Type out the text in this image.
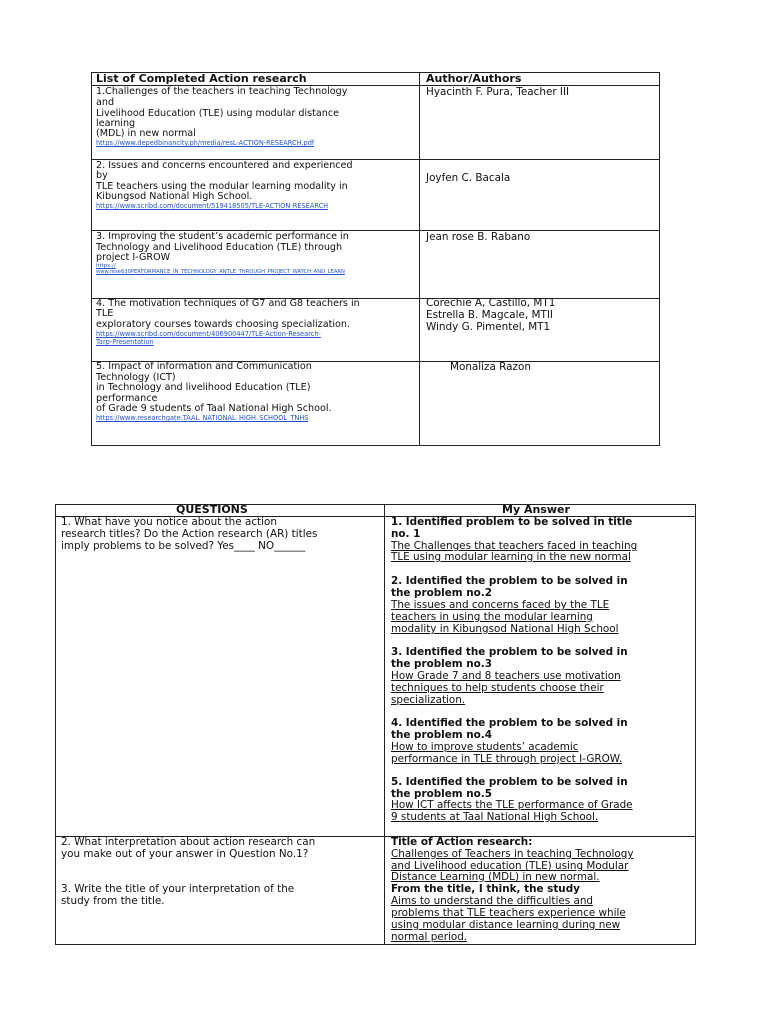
List of Completed Action research	Author/Authors
1.Challenges of the teachers in teaching Technology
and
Livelihood Education (TLE) using modular distance
learning
(MDL) in new normal
https://www.depedbinancity.ph/media/resL-ACTION-RESEARCH.pdf
Hyacinth F. Pura, Teacher III
2. Issues and concerns encountered and experienced
by
TLE teachers using the modular learning modality in
Kibungsod National High School.
https://www.scribd.com/document/519418505/TLE-ACTION-RESEARCH
Joyfen C. Bacala
3. Improving the student’s academic performance in
Technology and Livelihood Education (TLE) through
project I-GROW
https://
www.rese630PERFORMANCE_IN_TECHNOLOGY_ANTLE_THROUGH_PROJECT_WATCH_AND_LEARN
Jean rose B. Rabano
4. The motivation techniques of G7 and G8 teachers in
TLE
exploratory courses towards choosing specialization.
https://www.scribd.com/document/406900447/TLE-Action-Research-
Tarp-Presentation
Corechie A, Castillo, MT1
Estrella B. Magcale, MTII
Windy G. Pimentel, MT1
5. Impact of information and Communication
Technology (ICT)
in Technology and livelihood Education (TLE)
performance
of Grade 9 students of Taal National High School.
https://www.researchgate.TAAL_NATIONAL_HIGH_SCHOOL_TNHS
Monaliza Razon
QUESTIONS	My Answer
1. What have you notice about the action
research titles? Do the Action research (AR) titles
imply problems to be solved? Yes____ NO______
1. Identified problem to be solved in title
no. 1
The Challenges that teachers faced in teaching
TLE using modular learning in the new normal
2. Identified the problem to be solved in
the problem no.2
The issues and concerns faced by the TLE
teachers in using the modular learning
modality in Kibungsod National High School
3. Identified the problem to be solved in
the problem no.3
How Grade 7 and 8 teachers use motivation
techniques to help students choose their
specialization.
4. Identified the problem to be solved in
the problem no.4
How to improve students’ academic
performance in TLE through project I-GROW.
5. Identified the problem to be solved in
the problem no.5
How ICT affects the TLE performance of Grade
9 students at Taal National High School.
2. What interpretation about action research can
you make out of your answer in Question No.1?
3. Write the title of your interpretation of the
study from the title.
Title of Action research:
Challenges of Teachers in teaching Technology
and Livelihood education (TLE) using Modular
Distance Learning (MDL) in new normal.
From the title, I think, the study
Aims to understand the difficulties and
problems that TLE teachers experience while
using modular distance learning during new
normal period.
